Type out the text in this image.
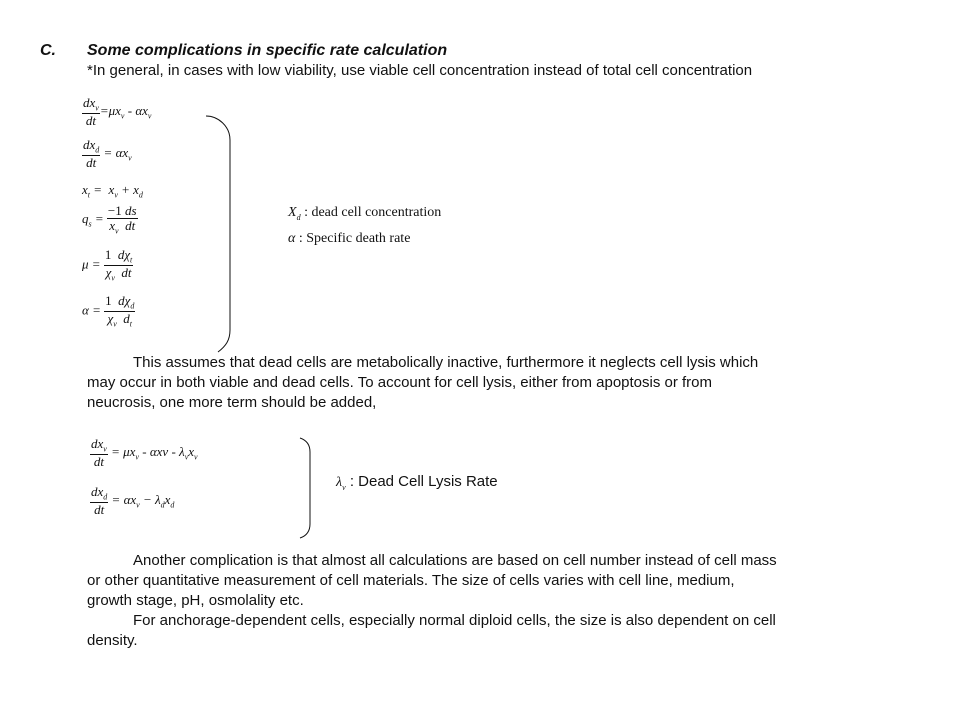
C. Some complications in specific rate calculation
*In general, in cases with low viability, use viable cell concentration instead of total cell concentration
$\frac{dx_v}{dt} =\mu x_v - \alpha x_v$
$\frac{dx_d}{dt} = \alpha x_v$
$x_t = x_v + x_d$
$q_s = \frac{-1 ds}{x_v dt}$
$\mu = \frac{1 d\chi_t}{\chi_v dt}$
$\alpha = \frac{1 d\chi_d}{\chi_v d_t}$
$X_d$ : dead cell concentration
α : Specific death rate
This assumes that dead cells are metabolically inactive, furthermore it neglects cell lysis which
may occur in both viable and dead cells. To account for cell lysis, either from apoptosis or from
neucrosis, one more term should be added,
$\frac{dx_v}{dt} = \mu x_v - \alpha xv - \lambda_vx_v$
$\frac{dx_d}{dt} = \alpha x_v - \lambda_dx_d$
$\lambda_v$ : Dead Cell Lysis Rate
Another complication is that almost all calculations are based on cell number instead of cell mass
or other quantitative measurement of cell materials. The size of cells varies with cell line, medium,
growth stage, pH, osmolality etc.
For anchorage-dependent cells, especially normal diploid cells, the size is also dependent on cell
density.
